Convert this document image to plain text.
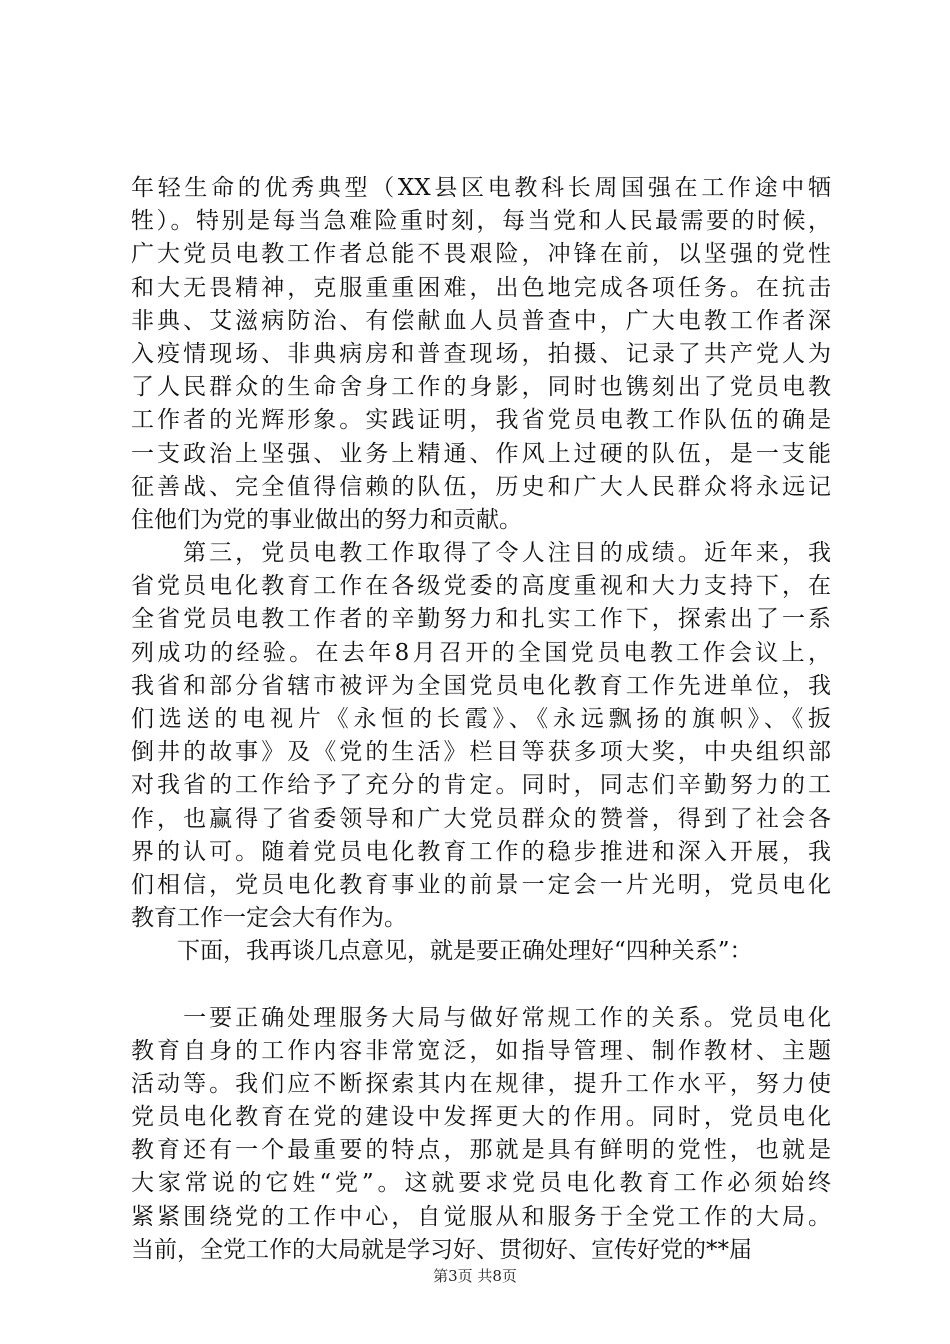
年轻生命的优秀典型（XX县区电教科长周国强在工作途中牺
牲）。特别是每当急难险重时刻，每当党和人民最需要的时候，
广大党员电教工作者总能不畏艰险，冲锋在前，以坚强的党性
和大无畏精神，克服重重困难，出色地完成各项任务。在抗击
非典、艾滋病防治、有偿献血人员普查中，广大电教工作者深
入疫情现场、非典病房和普查现场，拍摄、记录了共产党人为
了人民群众的生命舍身工作的身影，同时也镌刻出了党员电教
工作者的光辉形象。实践证明，我省党员电教工作队伍的确是
一支政治上坚强、业务上精通、作风上过硬的队伍，是一支能
征善战、完全值得信赖的队伍，历史和广大人民群众将永远记
住他们为党的事业做出的努力和贡献。
　　第三，党员电教工作取得了令人注目的成绩。近年来，我
省党员电化教育工作在各级党委的高度重视和大力支持下，在
全省党员电教工作者的辛勤努力和扎实工作下，探索出了一系
列成功的经验。在去年8月召开的全国党员电教工作会议上，
我省和部分省辖市被评为全国党员电化教育工作先进单位，我
们选送的电视片《永恒的长霞》、《永远飘扬的旗帜》、《扳
倒井的故事》及《党的生活》栏目等获多项大奖，中央组织部
对我省的工作给予了充分的肯定。同时，同志们辛勤努力的工
作，也赢得了省委领导和广大党员群众的赞誉，得到了社会各
界的认可。随着党员电化教育工作的稳步推进和深入开展，我
们相信，党员电化教育事业的前景一定会一片光明，党员电化
教育工作一定会大有作为。
　　下面，我再谈几点意见，就是要正确处理好“四种关系”：
　　一要正确处理服务大局与做好常规工作的关系。党员电化
教育自身的工作内容非常宽泛，如指导管理、制作教材、主题
活动等。我们应不断探索其内在规律，提升工作水平，努力使
党员电化教育在党的建设中发挥更大的作用。同时，党员电化
教育还有一个最重要的特点，那就是具有鲜明的党性，也就是
大家常说的它姓“党”。这就要求党员电化教育工作必须始终
紧紧围绕党的工作中心，自觉服从和服务于全党工作的大局。
当前，全党工作的大局就是学习好、贯彻好、宣传好党的**届
第3页 共8页
